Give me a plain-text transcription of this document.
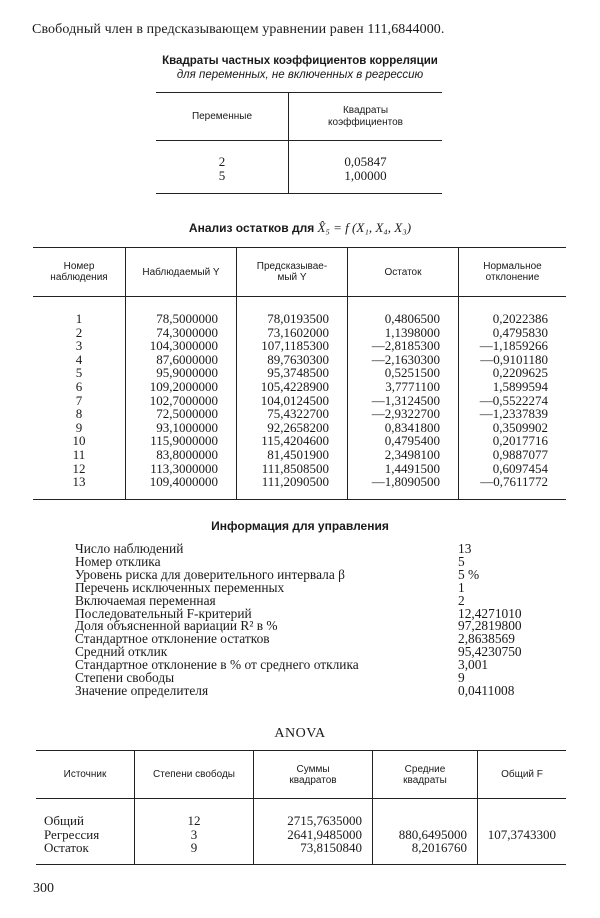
Свободный член в предсказывающем уравнении равен 111,6844000.
Квадраты частных коэффициентов корреляции
для переменных, не включенных в регрессию
Переменные	Квадраты коэффициентов

2	0,05847
5	1,00000
Анализ остатков для X̂₅ = f (X₁, X₄, X₃)
Номер наблюдения	Наблюдаемый Y	Предсказывае-мый Y	Остаток	Нормальное отклонение

1	78,5000000	78,0193500	0,4806500	0,2022386
2	74,3000000	73,1602000	1,1398000	0,4795830
3	104,3000000	107,1185300	—2,8185300	—1,1859266
4	87,6000000	89,7630300	—2,1630300	—0,9101180
5	95,9000000	95,3748500	0,5251500	0,2209625
6	109,2000000	105,4228900	3,7771100	1,5899594
7	102,7000000	104,0124500	—1,3124500	—0,5522274
8	72,5000000	75,4322700	—2,9322700	—1,2337839
9	93,1000000	92,2658200	0,8341800	0,3509902
10	115,9000000	115,4204600	0,4795400	0,2017716
11	83,8000000	81,4501900	2,3498100	0,9887077
12	113,3000000	111,8508500	1,4491500	0,6097454
13	109,4000000	111,2090500	—1,8090500	—0,7611772
Информация для управления
Число наблюдений	13
Номер отклика	5
Уровень риска для доверительного интервала β	5 %
Перечень исключенных переменных	1
Включаемая переменная	2
Последовательный F-критерий	12,4271010
Доля объясненной вариации R² в %	97,2819800
Стандартное отклонение остатков	2,8638569
Средний отклик	95,4230750
Стандартное отклонение в % от среднего отклика	3,001
Степени свободы	9
Значение определителя	0,0411008
ANOVA
Источник	Степени свободы	Суммы квадратов	Средние квадраты	Общий F
Общий	12	2715,7635000		
Регрессия	3	2641,9485000	880,6495000	107,3743300
Остаток	9	73,8150840	8,2016760	
300
